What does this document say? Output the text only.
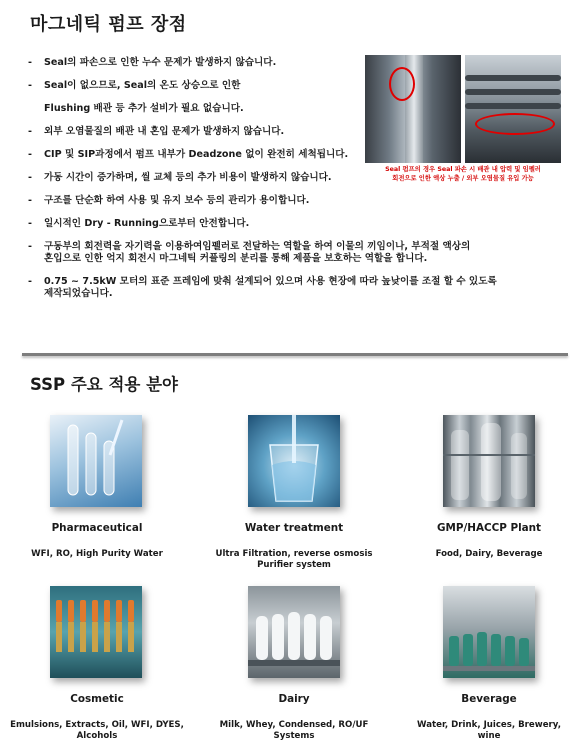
마그네틱 펌프 장점
-	Seal의 파손으로 인한 누수 문제가 발생하지 않습니다.
-	Seal이 없으므로, Seal의 온도 상승으로 인한
Flushing 배관 등 추가 설비가 필요 없습니다.
-	외부 오염물질의 배관 내 혼입 문제가 발생하지 않습니다.
-	CIP 및 SIP과정에서 펌프 내부가 Deadzone 없이 완전히 세척됩니다.
-	가동 시간이 증가하며, 씰 교체 등의 추가 비용이 발생하지 않습니다.
-	구조를 단순화 하여 사용 및 유지 보수 등의 관리가 용이합니다.
-	일시적인 Dry - Running으로부터 안전합니다.
-	구동부의 회전력을 자기력을 이용하여임펠러로 전달하는 역할을 하여 이물의 끼임이나, 부적절 액상의
혼입으로 인한 억지 회전시 마그네틱 커플링의 분리를 통해 제품을 보호하는 역할을 합니다.
-	0.75 ~ 7.5kW 모터의 표준 프레임에 맞춰 설계되어 있으며 사용 현장에 따라 높낮이를 조절 할 수 있도록
제작되었습니다.
Seal 펌프의 경우 Seal 파손 시 배관 내 압력 및 임펠러
회전으로 인한 액상 누출 / 외부 오염물질 유입 가능
SSP 주요 적용 분야
Pharmaceutical
WFI, RO, High Purity Water
Water treatment
Ultra Filtration, reverse osmosis
Purifier system
GMP/HACCP Plant
Food, Dairy, Beverage
Cosmetic
Emulsions, Extracts, Oil, WFI, DYES,
Alcohols
Dairy
Milk, Whey, Condensed, RO/UF
Systems
Beverage
Water, Drink, Juices, Brewery,
wine
